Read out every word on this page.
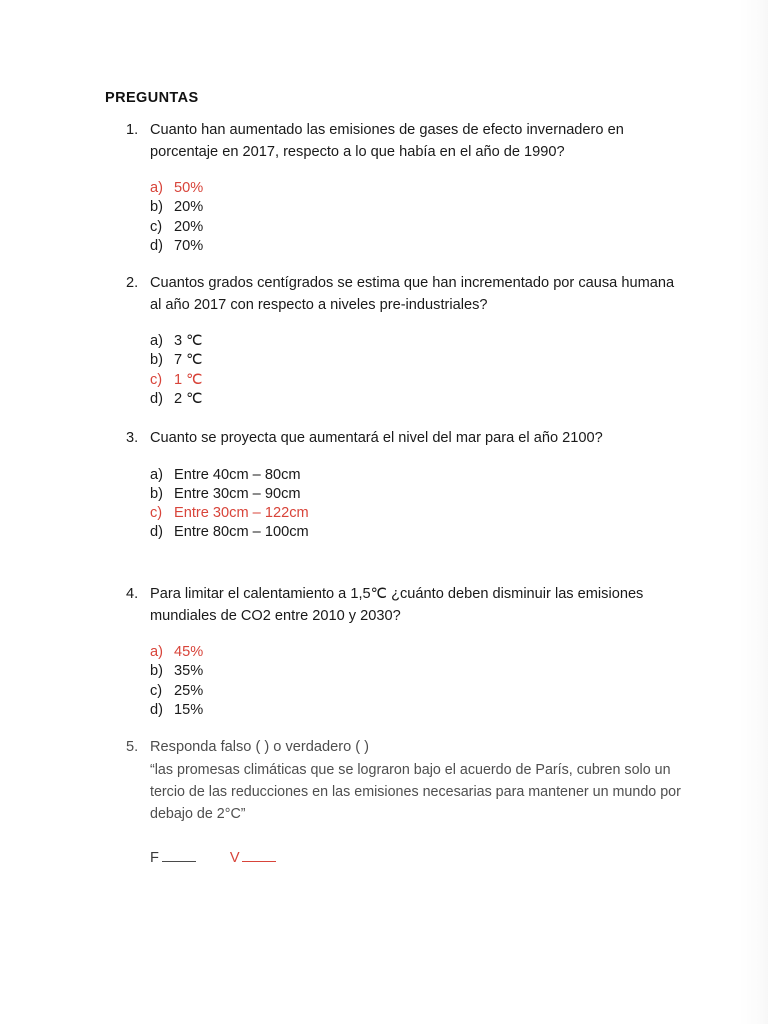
PREGUNTAS
1. Cuanto han aumentado las emisiones de gases de efecto invernadero en porcentaje en 2017, respecto a lo que había en el año de 1990?
a) 50%
b) 20%
c) 20%
d) 70%
2. Cuantos grados centígrados se estima que han incrementado por causa humana al año 2017 con respecto a niveles pre-industriales?
a) 3 ℃
b) 7 ℃
c) 1 ℃
d) 2 ℃
3. Cuanto se proyecta que aumentará el nivel del mar para el año 2100?
a) Entre 40cm – 80cm
b) Entre 30cm – 90cm
c) Entre 30cm – 122cm
d) Entre 80cm – 100cm
4. Para limitar el calentamiento a 1,5℃ ¿cuánto deben disminuir las emisiones mundiales de CO2 entre 2010 y 2030?
a) 45%
b) 35%
c) 25%
d) 15%
5. Responda falso ( ) o verdadero ( )
“las promesas climáticas que se lograron bajo el acuerdo de París, cubren solo un tercio de las reducciones en las emisiones necesarias para mantener un mundo por debajo de 2°C”
F	V
